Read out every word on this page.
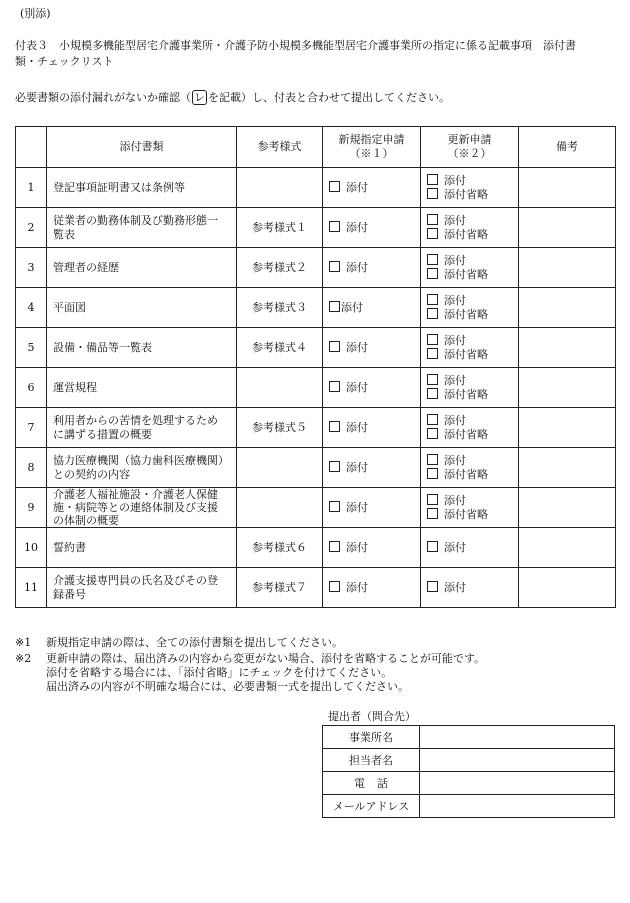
(別添)
付表３　小規模多機能型居宅介護事業所・介護予防小規模多機能型居宅介護事業所の指定に係る記載事項　添付書
類・チェックリスト
必要書類の添付漏れがないか確認（ レ を記載）し、付表と合わせて提出してください。
	添付書類	参考様式	新規指定申請
（※１）	更新申請
（※２）	備考
1	登記事項証明書又は条例等		添付	添付
添付省略	

2	従業者の勤務体制及び勤務形態一
覧表	参考様式１	添付	添付
添付省略	

3	管理者の経歴	参考様式２	添付	添付
添付省略	

4	平面図	参考様式３	添付	添付
添付省略	

5	設備・備品等一覧表	参考様式４	添付	添付
添付省略	

6	運営規程		添付	添付
添付省略	

7	利用者からの苦情を処理するため
に講ずる措置の概要	参考様式５	添付	添付
添付省略	

8	協力医療機関（協力歯科医療機関）
との契約の内容		添付	添付
添付省略	

9	介護老人福祉施設・介護老人保健
施・病院等との連絡体制及び支援
の体制の概要		添付	添付
添付省略	

10	誓約書	参考様式６	添付	添付	

11	介護支援専門員の氏名及びその登
録番号	参考様式７	添付	添付	

※1 新規指定申請の際は、全ての添付書類を提出してください。
※2 更新申請の際は、届出済みの内容から変更がない場合、添付を省略することが可能です。
添付を省略する場合には、「添付省略」にチェックを付けてください。
届出済みの内容が不明確な場合には、必要書類一式を提出してください。
提出者（問合先）
事業所名	
担当者名	
電話	
メールアドレス	
